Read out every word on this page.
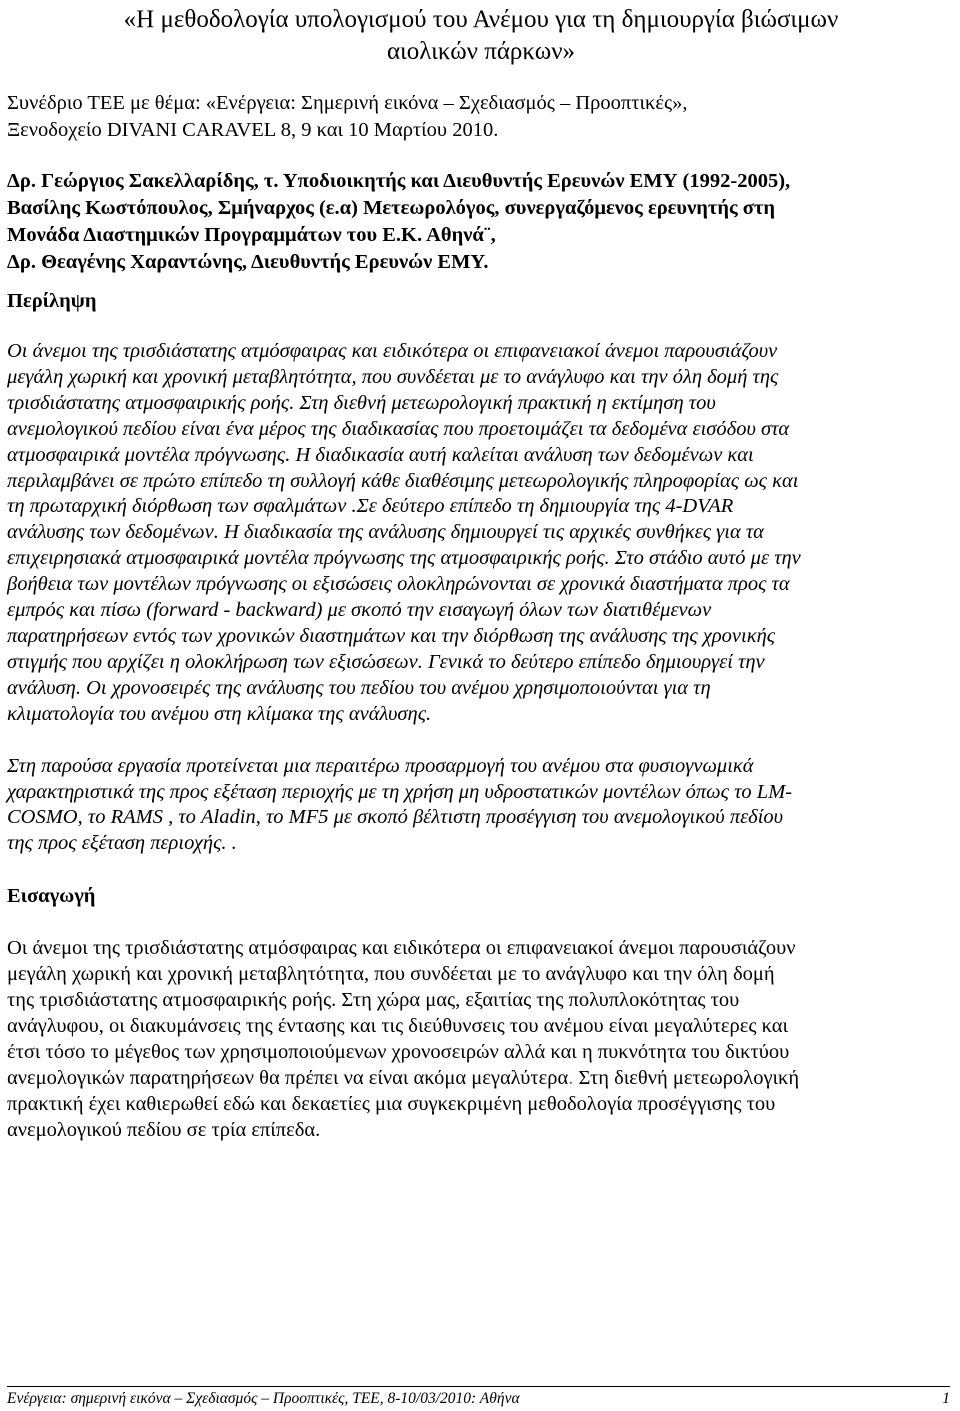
«Η μεθοδολογία υπολογισμού του Ανέμου για τη δημιουργία βιώσιμων
αιολικών πάρκων»

Συνέδριο ΤΕΕ με θέμα: «Ενέργεια: Σημερινή εικόνα – Σχεδιασμός – Προοπτικές»,
Ξενοδοχείο DIVANI CARAVEL 8, 9 και 10 Μαρτίου 2010.

Δρ. Γεώργιος Σακελλαρίδης, τ. Υποδιοικητής και Διευθυντής Ερευνών ΕΜΥ (1992-2005),
Βασίλης Κωστόπουλος, Σμήναρχος (ε.α) Μετεωρολόγος, συνεργαζόμενος ερευνητής στη
Μονάδα Διαστημικών Προγραμμάτων του Ε.Κ. Αθηνά¨,
Δρ. Θεαγένης Χαραντώνης, Διευθυντής Ερευνών ΕΜΥ.
Περίληψη

Οι άνεμοι της τρισδιάστατης ατμόσφαιρας και ειδικότερα οι επιφανειακοί άνεμοι παρουσιάζουν
μεγάλη χωρική και χρονική μεταβλητότητα, που συνδέεται με το ανάγλυφο και την όλη δομή της
τρισδιάστατης ατμοσφαιρικής ροής. Στη διεθνή μετεωρολογική πρακτική η εκτίμηση του
ανεμολογικού πεδίου είναι ένα μέρος της διαδικασίας που προετοιμάζει τα δεδομένα εισόδου στα
ατμοσφαιρικά μοντέλα πρόγνωσης. Η διαδικασία αυτή καλείται ανάλυση των δεδομένων και
περιλαμβάνει σε πρώτο επίπεδο τη συλλογή κάθε διαθέσιμης μετεωρολογικής πληροφορίας ως και
τη πρωταρχική διόρθωση των σφαλμάτων .Σε δεύτερο επίπεδο τη δημιουργία της 4-DVAR
ανάλυσης των δεδομένων. Η διαδικασία της ανάλυσης δημιουργεί τις αρχικές συνθήκες για τα
επιχειρησιακά ατμοσφαιρικά μοντέλα πρόγνωσης της ατμοσφαιρικής ροής. Στο στάδιο αυτό με την
βοήθεια των μοντέλων πρόγνωσης οι εξισώσεις ολοκληρώνονται σε χρονικά διαστήματα προς τα
εμπρός και πίσω (forward - backward) με σκοπό την εισαγωγή όλων των διατιθέμενων
παρατηρήσεων εντός των χρονικών διαστημάτων και την διόρθωση της ανάλυσης της χρονικής
στιγμής που αρχίζει η ολοκλήρωση των εξισώσεων. Γενικά το δεύτερο επίπεδο δημιουργεί την
ανάλυση. Οι χρονοσειρές της ανάλυσης του πεδίου του ανέμου χρησιμοποιούνται για τη
κλιματολογία του ανέμου στη κλίμακα της ανάλυσης.

Στη παρούσα εργασία προτείνεται μια περαιτέρω προσαρμογή του ανέμου στα φυσιογνωμικά
χαρακτηριστικά της προς εξέταση περιοχής με τη χρήση μη υδροστατικών μοντέλων όπως το LM-
COSMO, το RAMS , το Aladin, το MF5 με σκοπό βέλτιστη προσέγγιση του ανεμολογικού πεδίου
της προς εξέταση περιοχής. .

Εισαγωγή

Οι άνεμοι της τρισδιάστατης ατμόσφαιρας και ειδικότερα οι επιφανειακοί άνεμοι παρουσιάζουν
μεγάλη χωρική και χρονική μεταβλητότητα, που συνδέεται με το ανάγλυφο και την όλη δομή
της τρισδιάστατης ατμοσφαιρικής ροής. Στη χώρα μας, εξαιτίας της πολυπλοκότητας του
ανάγλυφου, οι διακυμάνσεις της έντασης και τις διεύθυνσεις του ανέμου είναι μεγαλύτερες και
έτσι τόσο το μέγεθος των χρησιμοποιούμενων χρονοσειρών αλλά και η πυκνότητα του δικτύου
ανεμολογικών παρατηρήσεων θα πρέπει να είναι ακόμα μεγαλύτερα. Στη διεθνή μετεωρολογική
πρακτική έχει καθιερωθεί εδώ και δεκαετίες μια συγκεκριμένη μεθοδολογία προσέγγισης του
ανεμολογικού πεδίου σε τρία επίπεδα.

Ενέργεια: σημερινή εικόνα – Σχεδιασμός – Προοπτικές, ΤΕΕ, 8-10/03/2010: Αθήνα	1
